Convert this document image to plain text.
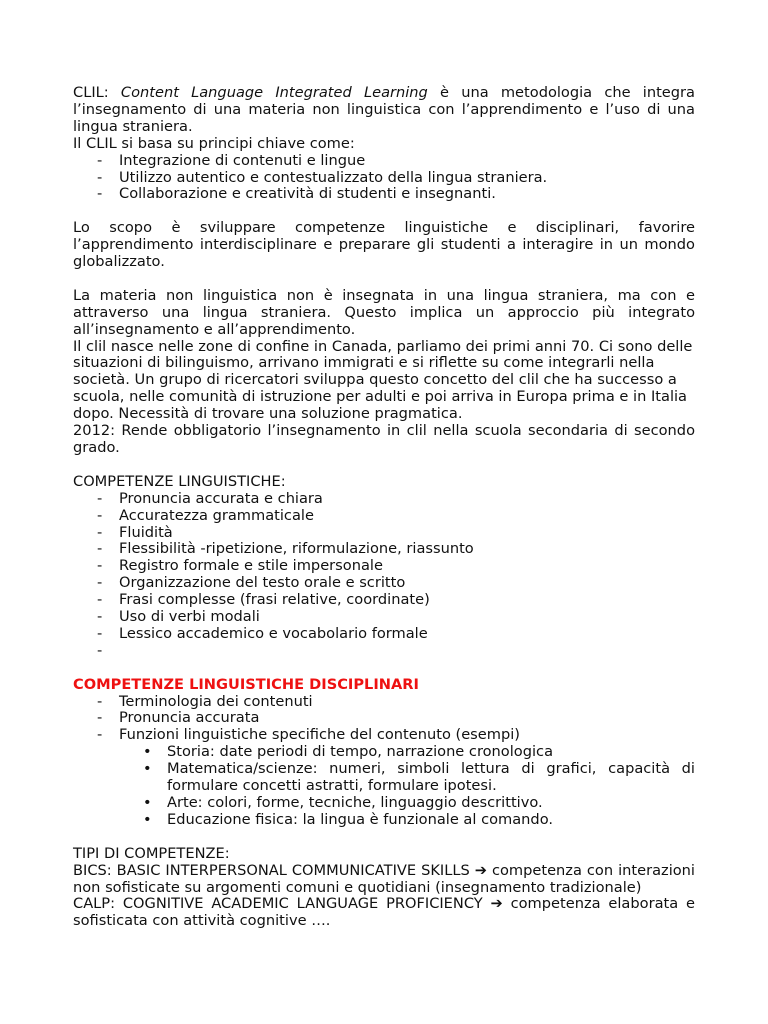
CLIL: Content Language Integrated Learning è una metodologia che integra l’insegnamento di una materia non linguistica con l’apprendimento e l’uso di una lingua straniera.

Il CLIL si basa su principi chiave come:

- Integrazione di contenuti e lingue
- Utilizzo autentico e contestualizzato della lingua straniera.
- Collaborazione e creatività di studenti e insegnanti.

Lo scopo è sviluppare competenze linguistiche e disciplinari, favorire l’apprendimento interdisciplinare e preparare gli studenti a interagire in un mondo globalizzato.

La materia non linguistica non è insegnata in una lingua straniera, ma con e attraverso una lingua straniera. Questo implica un approccio più integrato all’insegnamento e all’apprendimento.

Il clil nasce nelle zone di confine in Canada, parliamo dei primi anni 70. Ci sono delle situazioni di bilinguismo, arrivano immigrati e si riflette su come integrarli nella società. Un grupo di ricercatori sviluppa questo concetto del clil che ha successo a scuola, nelle comunità di istruzione per adulti e poi arriva in Europa prima e in Italia dopo. Necessità di trovare una soluzione pragmatica.

2012: Rende obbligatorio l’insegnamento in clil nella scuola secondaria di secondo grado.

COMPETENZE LINGUISTICHE:

- Pronuncia accurata e chiara
- Accuratezza grammaticale
- Fluidità
- Flessibilità -ripetizione, riformulazione, riassunto
- Registro formale e stile impersonale
- Organizzazione del testo orale e scritto
- Frasi complesse (frasi relative, coordinate)
- Uso di verbi modali
- Lessico accademico e vocabolario formale
-

COMPETENZE LINGUISTICHE DISCIPLINARI

- Terminologia dei contenuti
- Pronuncia accurata
- Funzioni linguistiche specifiche del contenuto (esempi)
• Storia: date periodi di tempo, narrazione cronologica
• Matematica/scienze: numeri, simboli lettura di grafici, capacità di formulare concetti astratti, formulare ipotesi.
• Arte: colori, forme, tecniche, linguaggio descrittivo.
• Educazione fisica: la lingua è funzionale al comando.

TIPI DI COMPETENZE:

BICS: BASIC INTERPERSONAL COMMUNICATIVE SKILLS ➔ competenza con interazioni non sofisticate su argomenti comuni e quotidiani (insegnamento tradizionale)

CALP: COGNITIVE ACADEMIC LANGUAGE PROFICIENCY ➔ competenza elaborata e sofisticata con attività cognitive ….
